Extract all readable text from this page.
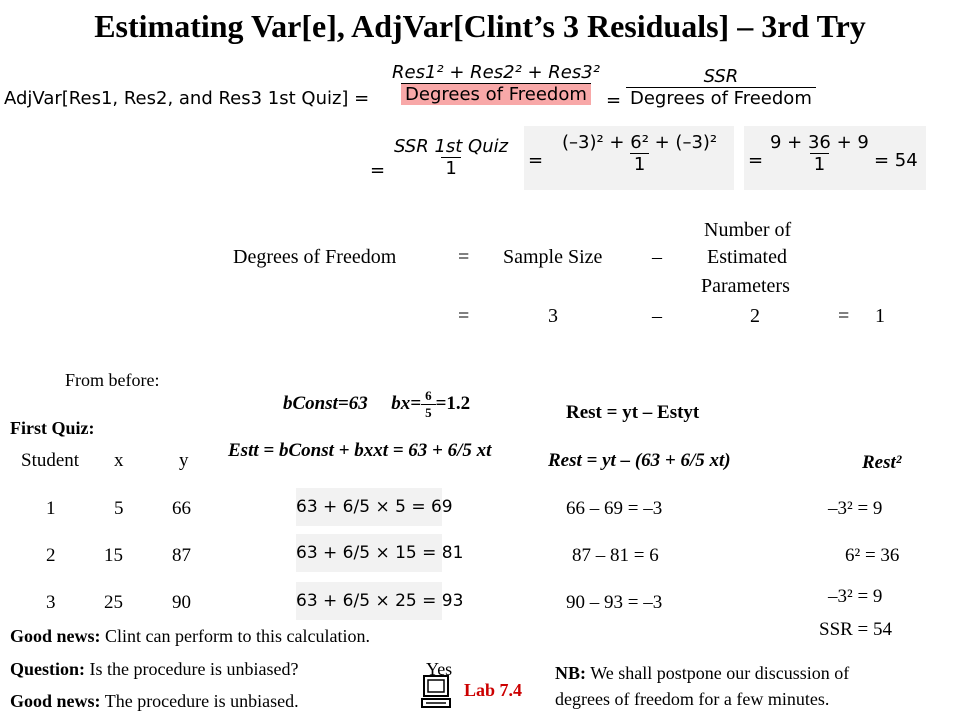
Estimating Var[e], AdjVar[Clint’s 3 Residuals] – 3rd Try
AdjVar[Res1, Res2, and Res3 1st Quiz] = $\frac{\text{Res1² + Res2² + Res3²}}{\text{Degrees of Freedom}} = \frac{\text{SSR}}{\text{Degrees of Freedom}}$
= $\frac{\text{SSR 1st Quiz}}{1} = \frac{\text{(–3)² + 6² + (–3)²}}{1} = \frac{9 + 36 + 9}{1} = 54$
Degrees of Freedom	= Sample Size –
Number of
Estimated
Parameters
=	3	–	2	= 1
From before:
First Quiz:
bConst=63 $bx= \frac{6}{5} =1.2$
Estt = bConst + bxxt = 63 + 6/5 xt
Rest = yt – Estyt
Rest = yt – (63 + 6/5 xt)	Rest²
Student x	y
1	5	66	63 + 6/5 × 5 = 69	66 – 69 = –3	–3² = 9
2	15	87	63 + 6/5 × 15 = 81	87 – 81 = 6	6² = 36
3	25	90	63 + 6/5 × 25 = 93	90 – 93 = –3	–3² = 9
SSR = 54
Good news: Clint can perform to this calculation.
Question: Is the procedure is unbiased?	Yes
Good news: The procedure is unbiased.
Lab 7.4
NB: We shall postpone our discussion of
degrees of freedom for a few minutes.
